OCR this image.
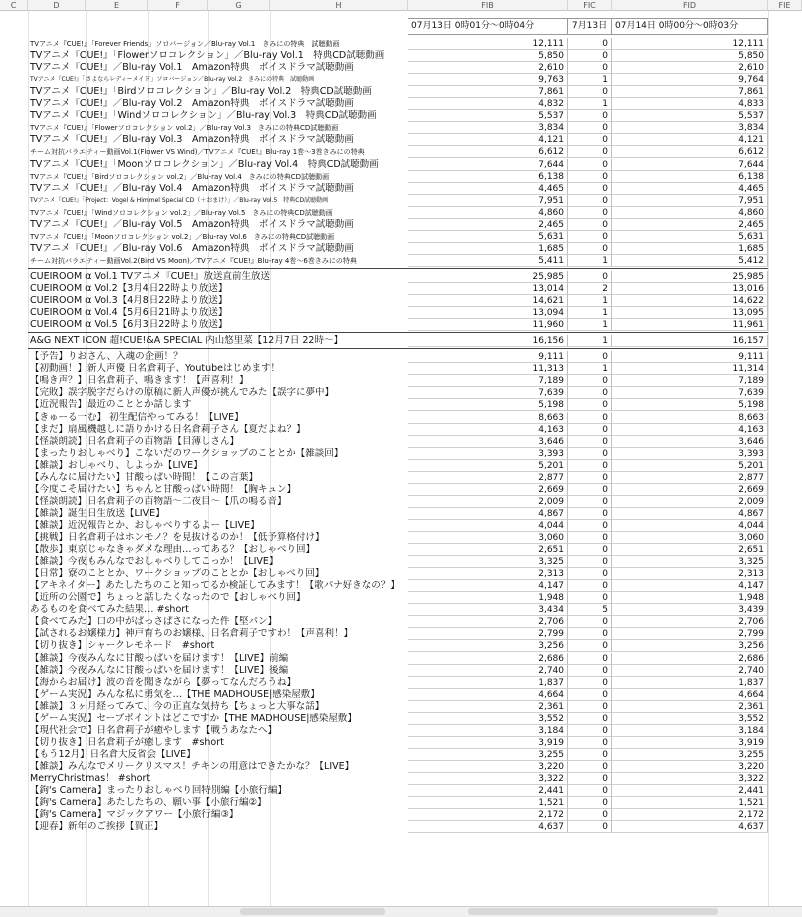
C	D	E	F	G	H	FIB	FIC	FID	FIE
07月13日 0時01分～0時04分	7月13日 07月14日 0時00分～0時03分
TVアニメ『CUE!』「Forever Friends」ソロバージョン／Blu-ray Vol.1　きみにの特典　試聴動画	12,111	0	12,111
TVアニメ『CUE!』「Flowerソロコレクション」／Blu-ray Vol.1　特典CD試聴動画	5,850	0	5,850
TVアニメ『CUE!』／Blu-ray Vol.1　Amazon特典　ボイスドラマ試聴動画	2,610	0	2,610
TVアニメ『CUE!』「さよならレディーメイド」ソロバージョン／Blu-ray Vol.2　きみにの特典　試聴動画	9,763	1	9,764
TVアニメ『CUE!』「Birdソロコレクション」／Blu-ray Vol.2　特典CD試聴動画	7,861	0	7,861
TVアニメ『CUE!』／Blu-ray Vol.2　Amazon特典　ボイスドラマ試聴動画	4,832	1	4,833
TVアニメ『CUE!』「Windソロコレクション」／Blu-ray Vol.3　特典CD試聴動画	5,537	0	5,537
TVアニメ『CUE!』「Flowerソロコレクション vol.2」／Blu-ray Vol.3　きみにの特典CD試聴動画	3,834	0	3,834
TVアニメ『CUE!』／Blu-ray Vol.3　Amazon特典　ボイスドラマ試聴動画	4,121	0	4,121
チーム対抗バラエティー動画Vol.1(Flower VS Wind)／TVアニメ『CUE!』Blu-ray 1巻～3巻きみにの特典	6,612	0	6,612
TVアニメ『CUE!』「Moonソロコレクション」／Blu-ray Vol.4　特典CD試聴動画	7,644	0	7,644
TVアニメ『CUE!』「Birdソロコレクション vol.2」／Blu-ray Vol.4　きみにの特典CD試聴動画	6,138	0	6,138
TVアニメ『CUE!』／Blu-ray Vol.4　Amazon特典　ボイスドラマ試聴動画	4,465	0	4,465
TVアニメ『CUE!』「Project：Vogel & Himmel Special CD（＋おまけ）」／Blu-ray Vol.5　特典CD試聴動画	7,951	0	7,951
TVアニメ『CUE!』「Windソロコレクション vol.2」／Blu-ray Vol.5　きみにの特典CD試聴動画	4,860	0	4,860
TVアニメ『CUE!』／Blu-ray Vol.5　Amazon特典　ボイスドラマ試聴動画	2,465	0	2,465
TVアニメ『CUE!』「Moonソロコレクション vol.2」／Blu-ray Vol.6　きみにの特典CD試聴動画	5,631	0	5,631
TVアニメ『CUE!』／Blu-ray Vol.6　Amazon特典　ボイスドラマ試聴動画	1,685	0	1,685
チーム対抗バラエティー動画Vol.2(Bird VS Moon)／TVアニメ『CUE!』Blu-ray 4巻～6巻きみにの特典	5,411	1	5,412
CUEIROOM α Vol.1 TVアニメ『CUE!』放送直前生放送	25,985	0	25,985
CUEIROOM α Vol.2【3月4日22時より放送】	13,014	2	13,016
CUEIROOM α Vol.3【4月8日22時より放送】	14,621	1	14,622
CUEIROOM α Vol.4【5月6日21時より放送】	13,094	1	13,095
CUEIROOM α Vol.5【6月3日22時より放送】	11,960	1	11,961
A&G NEXT ICON 超!CUE!&A SPECIAL 内山悠里菜【12月7日 22時～】	16,156	1	16,157
【予告】りおさん、入魂の企画！？	9,111	0	9,111
【初動画！】新人声優 日名倉莉子、Youtubeはじめます！	11,313	1	11,314
【鳴き声？】日名倉莉子、鳴きます！【声喜利！】	7,189	0	7,189
【完敗】誤字脱字だらけの原稿に新人声優が挑んでみた【誤字に夢中】	7,639	0	7,639
【近況報告】最近のこととか話します	5,198	0	5,198
【きゅーる一む】 初生配信やってみる！【LIVE】	8,663	0	8,663
【まだ】扇風機越しに語りかける日名倉莉子さん【夏だよね？】	4,163	0	4,163
【怪談朗読】日名倉莉子の百物語【目薄しさん】	3,646	0	3,646
【まったりおしゃべり】こないだのワークショップのこととか【雑談回】	3,393	0	3,393
【雑談】おしゃべり、しよっか【LIVE】	5,201	0	5,201
【みんなに届けたい】甘酸っぱい時間！【この言葉】	2,877	0	2,877
【今度こそ届けたい】ちゃんと甘酸っぱい時間！【胸キュン】	2,669	0	2,669
【怪談朗読】日名倉莉子の百物語～二夜目～【爪の鳴る音】	2,009	0	2,009
【雑談】誕生日生放送【LIVE】	4,867	0	4,867
【雑談】近況報告とか、おしゃべりするよー【LIVE】	4,044	0	4,044
【挑戦】日名倉莉子はホンモノ？を見抜けるのか！【低予算格付け】	3,060	0	3,060
【散歩】東京じゃなきゃダメな理由…ってある？【おしゃべり回】	2,651	0	2,651
【雑談】今夜もみんなでおしゃべりしてこっか！【LIVE】	3,325	0	3,325
【日常】寮のこととか、ワークショップのこととか【おしゃべり回】	2,313	0	2,313
【アキネイター】あたしたちのこと知ってるか検証してみます！【歌パナ好きなの？】	4,147	0	4,147
【近所の公園で】ちょっと話したくなったので【おしゃべり回】	1,948	0	1,948
あるものを食べてみた結果… #short	3,434	5	3,439
【食べてみた】口の中がぱっさぱさになった件【堅パン】	2,706	0	2,706
【試されるお嬢様力】神戸育ちのお嬢様、日名倉莉子ですわ！【声喜利！】	2,799	0	2,799
【切り抜き】シャークレモネード　#short	3,256	0	3,256
【雑談】今夜みんなに甘酸っぱいを届けます！【LIVE】前編	2,686	0	2,686
【雑談】今夜みんなに甘酸っぱいを届けます！【LIVE】後編	2,740	0	2,740
【海からお届け】波の音を聞きながら【夢ってなんだろうね】	1,837	0	1,837
【ゲーム実況】みんな私に勇気を…【THE MADHOUSE|感染屋敷】	4,664	0	4,664
【雑談】３ヶ月経ってみて、今の正直な気持ち【ちょっと大事な話】	2,361	0	2,361
【ゲーム実況】セーブポイントはどこですか【THE MADHOUSE|感染屋敷】	3,552	0	3,552
【現代社会で】日名倉莉子が癒やします【戦うあなたへ】	3,184	0	3,184
【切り抜き】日名倉莉子が癒します　#short	3,919	0	3,919
【もう12月】日名倉大反省会【LIVE】	3,255	0	3,255
【雑談】みんなでメリークリスマス！チキンの用意はできたかな？【LIVE】	3,220	0	3,220
MerryChristmas！ #short	3,322	0	3,322
【鉤's Camera】まったりおしゃべり回特別編【小旅行編】	2,441	0	2,441
【鉤's Camera】あたしたちの、願い事【小旅行編②】	1,521	0	1,521
【鉤's Camera】マジックアワー【小旅行編③】	2,172	0	2,172
【迎春】新年のご挨拶【賀正】	4,637	0	4,637
